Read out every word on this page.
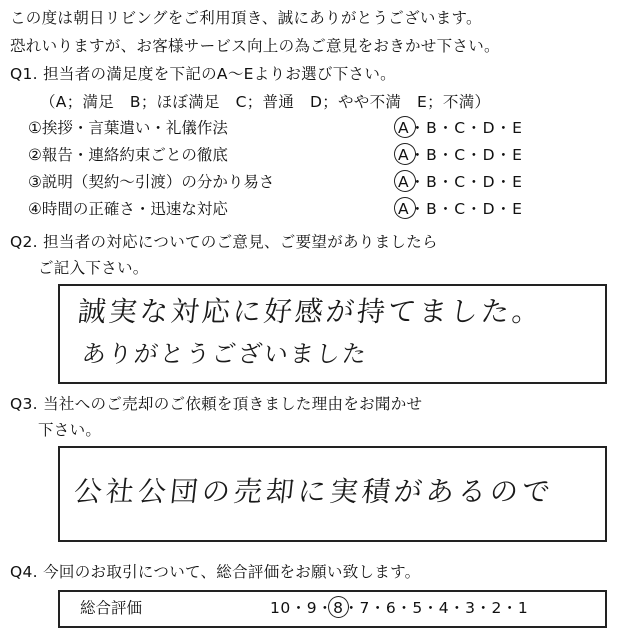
この度は朝日リビングをご利用頂き、誠にありがとうございます。
恐れいりますが、お客様サービス向上の為ご意見をおきかせ下さい。
Q1. 担当者の満足度を下記のA～Eよりお選び下さい。
（A；満足　B；ほぼ満足　C；普通　D；やや不満　E；不満）
①挨拶・言葉遣い・礼儀作法	A・B・C・D・E
②報告・連絡約束ごとの徹底	A・B・C・D・E
③説明（契約～引渡）の分かり易さ	A・B・C・D・E
④時間の正確さ・迅速な対応	A・B・C・D・E
Q2. 担当者の対応についてのご意見、ご要望がありましたら
ご記入下さい。
誠実な対応に好感が持てました。
ありがとうございました
Q3. 当社へのご売却のご依頼を頂きました理由をお聞かせ
下さい。
公社公団の売却に実積があるので
Q4. 今回のお取引について、総合評価をお願い致します。
総合評価	10・9・8・7・6・5・4・3・2・1
